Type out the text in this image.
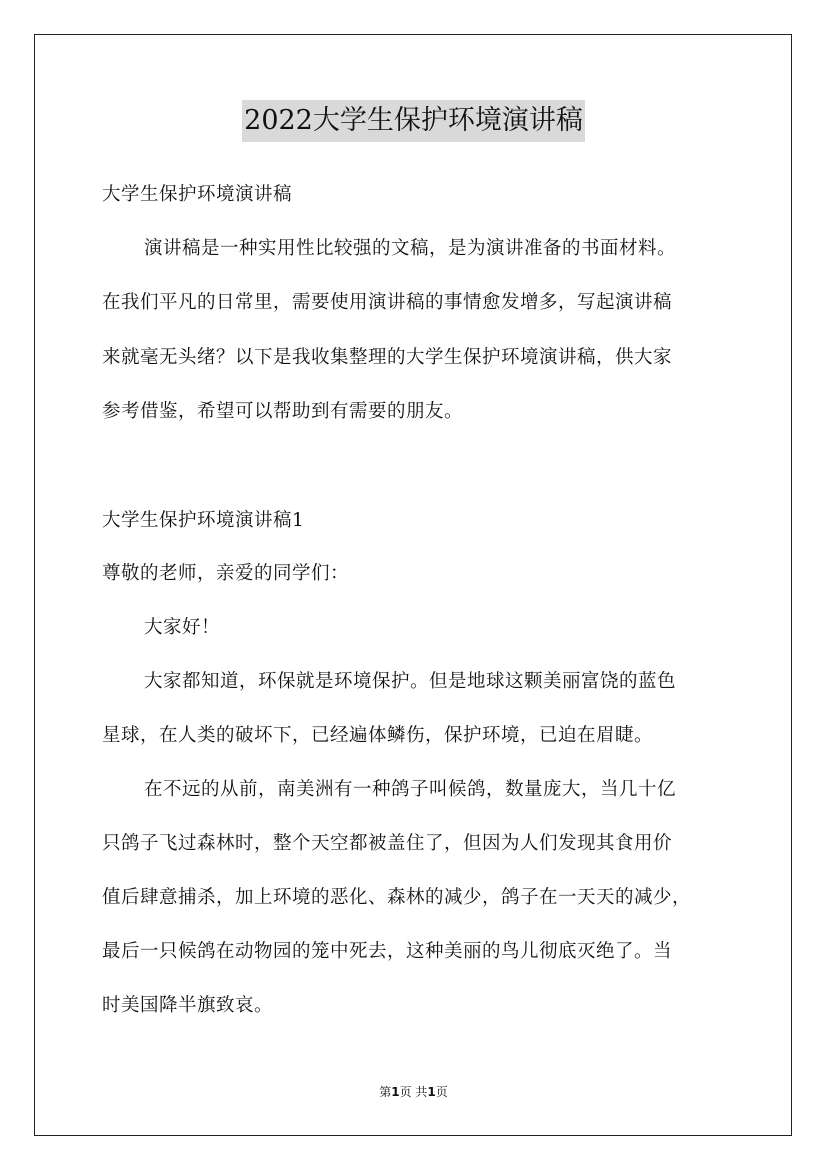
2022大学生保护环境演讲稿
大学生保护环境演讲稿
演讲稿是一种实用性比较强的文稿，是为演讲准备的书面材料。
在我们平凡的日常里，需要使用演讲稿的事情愈发增多，写起演讲稿
来就毫无头绪？以下是我收集整理的大学生保护环境演讲稿，供大家
参考借鉴，希望可以帮助到有需要的朋友。
大学生保护环境演讲稿1
尊敬的老师，亲爱的同学们：
大家好！
大家都知道，环保就是环境保护。但是地球这颗美丽富饶的蓝色
星球，在人类的破坏下，已经遍体鳞伤，保护环境，已迫在眉睫。
在不远的从前，南美洲有一种鸽子叫候鸽，数量庞大，当几十亿
只鸽子飞过森林时，整个天空都被盖住了，但因为人们发现其食用价
值后肆意捕杀，加上环境的恶化、森林的减少，鸽子在一天天的减少，
最后一只候鸽在动物园的笼中死去，这种美丽的鸟儿彻底灭绝了。当
时美国降半旗致哀。
第1页 共1页
